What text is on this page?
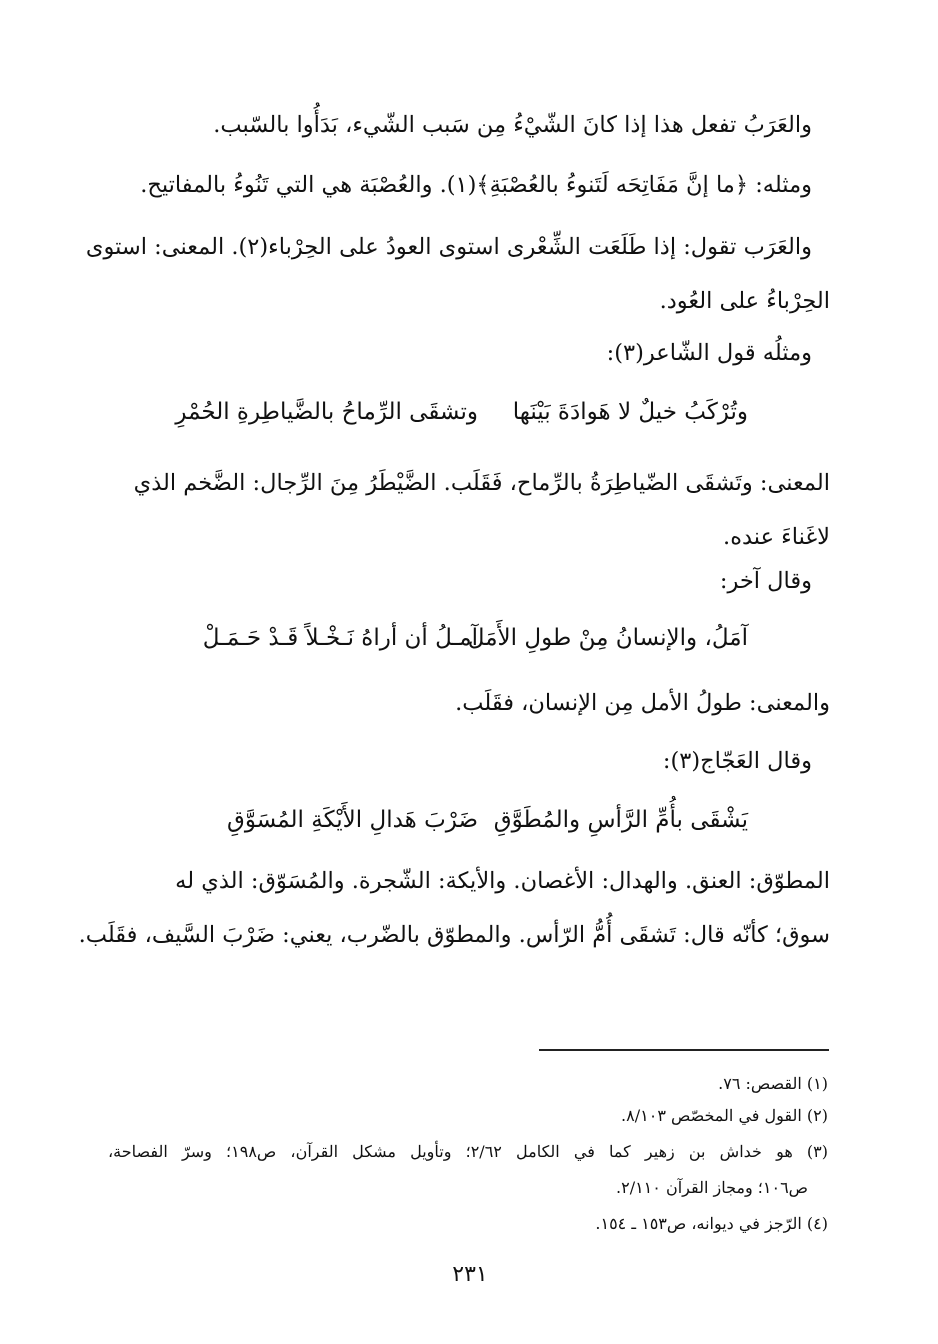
والعَرَبُ تفعل هذا إذا كانَ الشّيْءُ مِن سَبب الشّيء، بَدَأُوا بالسّبب.
ومثله: ﴿ما إنَّ مَفَاتِحَه لَتَنوءُ بالعُصْبَةِ﴾(١). والعُصْبَة هي التي تَنُوءُ بالمفاتيح.
والعَرَب تقول: إذا طَلَعَت الشِّعْرى استوى العودُ على الحِرْباء(٢). المعنى: استوى
الحِرْباءُ على العُود.
ومثلُه قول الشّاعر(٣):
وتُرْكَبُ خيلٌ لا هَوادَةَ بَيْنَها
وتشقَى الرِّماحُ بالضَّياطِرةِ الحُمْرِ
المعنى: وتَشقَى الضّياطِرَةُ بالرِّماح، فَقَلَب. الضَّيْطَرُ مِنَ الرِّجال: الضَّخم الذي
لاغَناءَ عنده.
وقال آخر:
آمَلُ، والإنسانُ مِنْ طولِ الأَمَل
آمـلُ أن أراهُ نَـخْـلاً قَـدْ حَـمَـلْ
والمعنى: طولُ الأمل مِن الإنسان، فقَلَب.
وقال العَجّاج(٣):
يَشْقَى بأُمِّ الرَّأسِ والمُطَوَّقِ
ضَرْبَ هَدالِ الأَيْكَةِ المُسَوَّقِ
المطوّق: العنق. والهدال: الأغصان. والأيكة: الشّجرة. والمُسَوّق: الذي له
سوق؛ كأنّه قال: تَشقَى أُمُّ الرّأس. والمطوّق بالضّرب، يعني: ضَرْبَ السَّيف، فقَلَب.
(١) القصص: ٧٦.
(٢) القول في المخصّص ٨/١٠٣.
(٣) هو خداش بن زهير كما في الكامل ٢/٦٢؛ وتأويل مشكل القرآن، ص١٩٨؛ وسرّ الفصاحة،
ص١٠٦؛ ومجاز القرآن ٢/١١٠.
(٤) الرّجز في ديوانه، ص١٥٣ ـ ١٥٤.
٢٣١
